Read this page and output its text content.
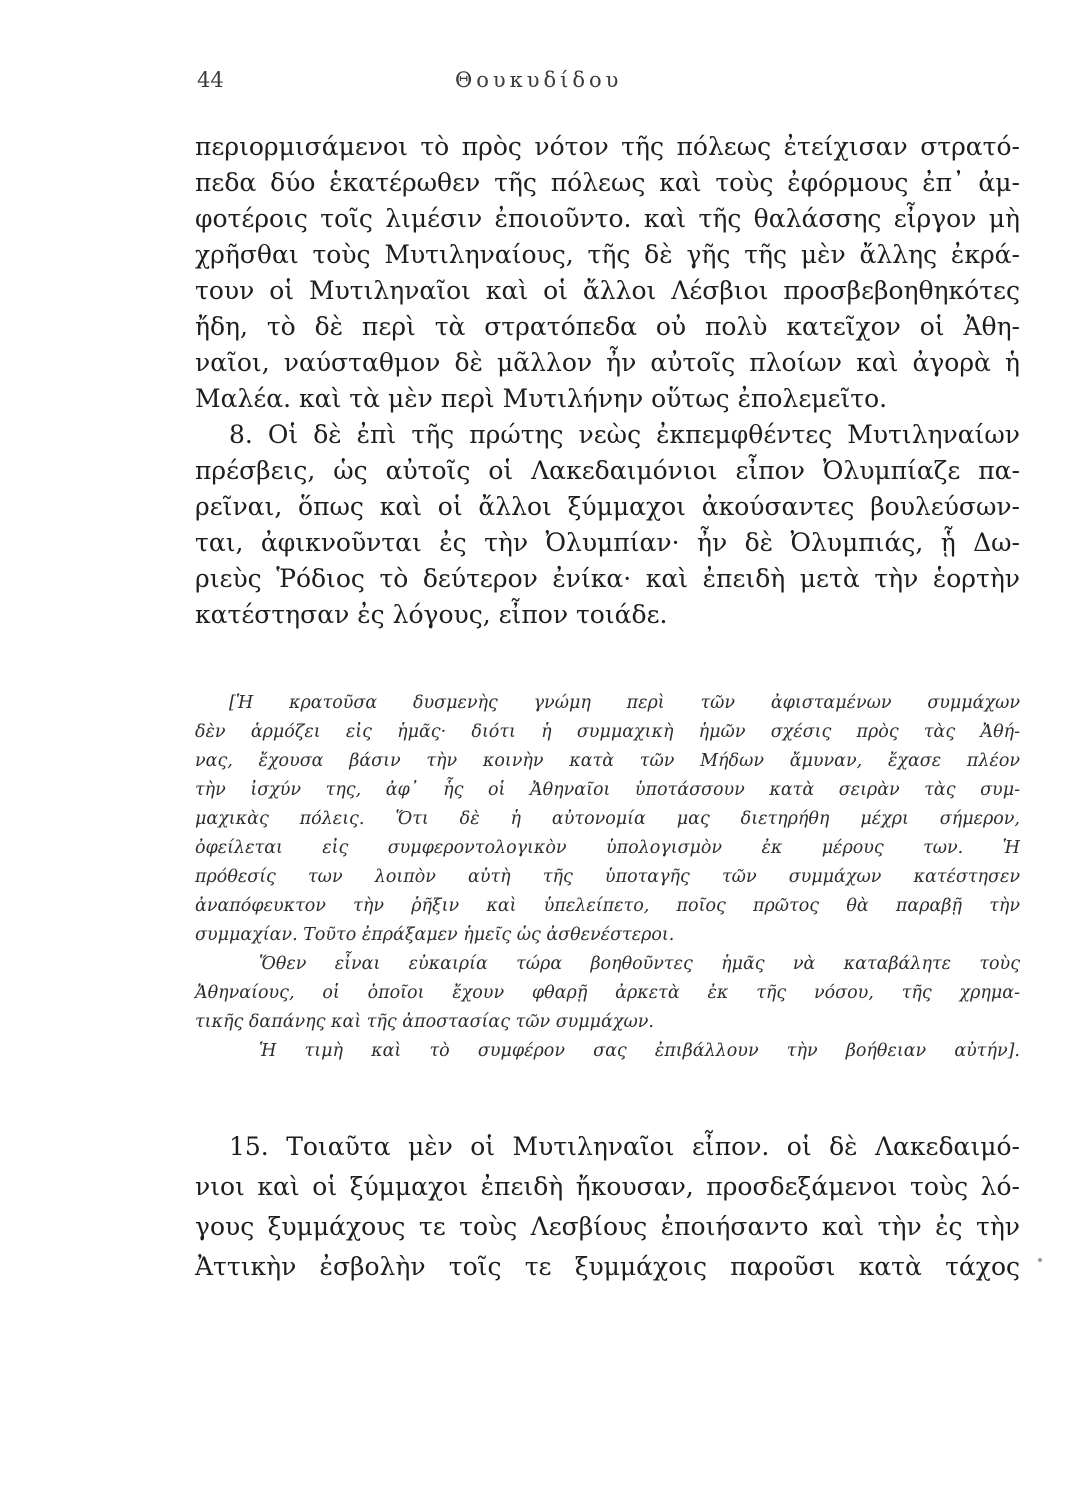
44	Θουκυδίδου
περιορμισάμενοι τὸ πρὸς νότον τῆς πόλεως ἐτείχισαν στρατό-
πεδα δύο ἑκατέρωθεν τῆς πόλεως καὶ τοὺς ἐφόρμους ἐπ᾽ ἀμ-
φοτέροις τοῖς λιμέσιν ἐποιοῦντο. καὶ τῆς θαλάσσης εἶργον μὴ
χρῆσθαι τοὺς Μυτιληναίους, τῆς δὲ γῆς τῆς μὲν ἄλλης ἐκρά-
τουν οἱ Μυτιληναῖοι καὶ οἱ ἄλλοι Λέσβιοι προσβεβοηθηκότες
ἤδη, τὸ δὲ περὶ τὰ στρατόπεδα οὐ πολὺ κατεῖχον οἱ Ἀθη-
ναῖοι, ναύσταθμον δὲ μᾶλλον ἦν αὐτοῖς πλοίων καὶ ἀγορὰ ἡ
Μαλέα. καὶ τὰ μὲν περὶ Μυτιλήνην οὕτως ἐπολεμεῖτο.
8. Οἱ δὲ ἐπὶ τῆς πρώτης νεὼς ἐκπεμφθέντες Μυτιληναίων
πρέσβεις, ὡς αὐτοῖς οἱ Λακεδαιμόνιοι εἶπον Ὀλυμπίαζε πα-
ρεῖναι, ὅπως καὶ οἱ ἄλλοι ξύμμαχοι ἀκούσαντες βουλεύσων-
ται, ἀφικνοῦνται ἐς τὴν Ὀλυμπίαν· ἦν δὲ Ὀλυμπιάς, ᾗ Δω-
ριεὺς Ῥόδιος τὸ δεύτερον ἐνίκα· καὶ ἐπειδὴ μετὰ τὴν ἑορτὴν
κατέστησαν ἐς λόγους, εἶπον τοιάδε.
[Ἡ κρατοῦσα δυσμενὴς γνώμη περὶ τῶν ἀφισταμένων συμμάχων
δὲν ἁρμόζει εἰς ἡμᾶς· διότι ἡ συμμαχικὴ ἡμῶν σχέσις πρὸς τὰς Ἀθή-
νας, ἔχουσα βάσιν τὴν κοινὴν κατὰ τῶν Μήδων ἄμυναν, ἔχασε πλέον
τὴν ἰσχύν της, ἀφ᾽ ἧς οἱ Ἀθηναῖοι ὑποτάσσουν κατὰ σειρὰν τὰς συμ-
μαχικὰς πόλεις. Ὅτι δὲ ἡ αὐτονομία μας διετηρήθη μέχρι σήμερον,
ὀφείλεται εἰς συμφεροντολογικὸν ὑπολογισμὸν ἐκ μέρους των. Ἡ
πρόθεσίς των λοιπὸν αὐτὴ τῆς ὑποταγῆς τῶν συμμάχων κατέστησεν
ἀναπόφευκτον τὴν ῥῆξιν καὶ ὑπελείπετο, ποῖος πρῶτος θὰ παραβῇ τὴν
συμμαχίαν. Τοῦτο ἐπράξαμεν ἡμεῖς ὡς ἀσθενέστεροι.
Ὅθεν εἶναι εὐκαιρία τώρα βοηθοῦντες ἡμᾶς νὰ καταβάλητε τοὺς
Ἀθηναίους, οἱ ὁποῖοι ἔχουν φθαρῇ ἀρκετὰ ἐκ τῆς νόσου, τῆς χρημα-
τικῆς δαπάνης καὶ τῆς ἀποστασίας τῶν συμμάχων.
Ἡ τιμὴ καὶ τὸ συμφέρον σας ἐπιβάλλουν τὴν βοήθειαν αὐτήν].
15. Τοιαῦτα μὲν οἱ Μυτιληναῖοι εἶπον. οἱ δὲ Λακεδαιμό-
νιοι καὶ οἱ ξύμμαχοι ἐπειδὴ ἤκουσαν, προσδεξάμενοι τοὺς λό-
γους ξυμμάχους τε τοὺς Λεσβίους ἐποιήσαντο καὶ τὴν ἐς τὴν
Ἀττικὴν ἐσβολὴν τοῖς τε ξυμμάχοις παροῦσι κατὰ τάχος
